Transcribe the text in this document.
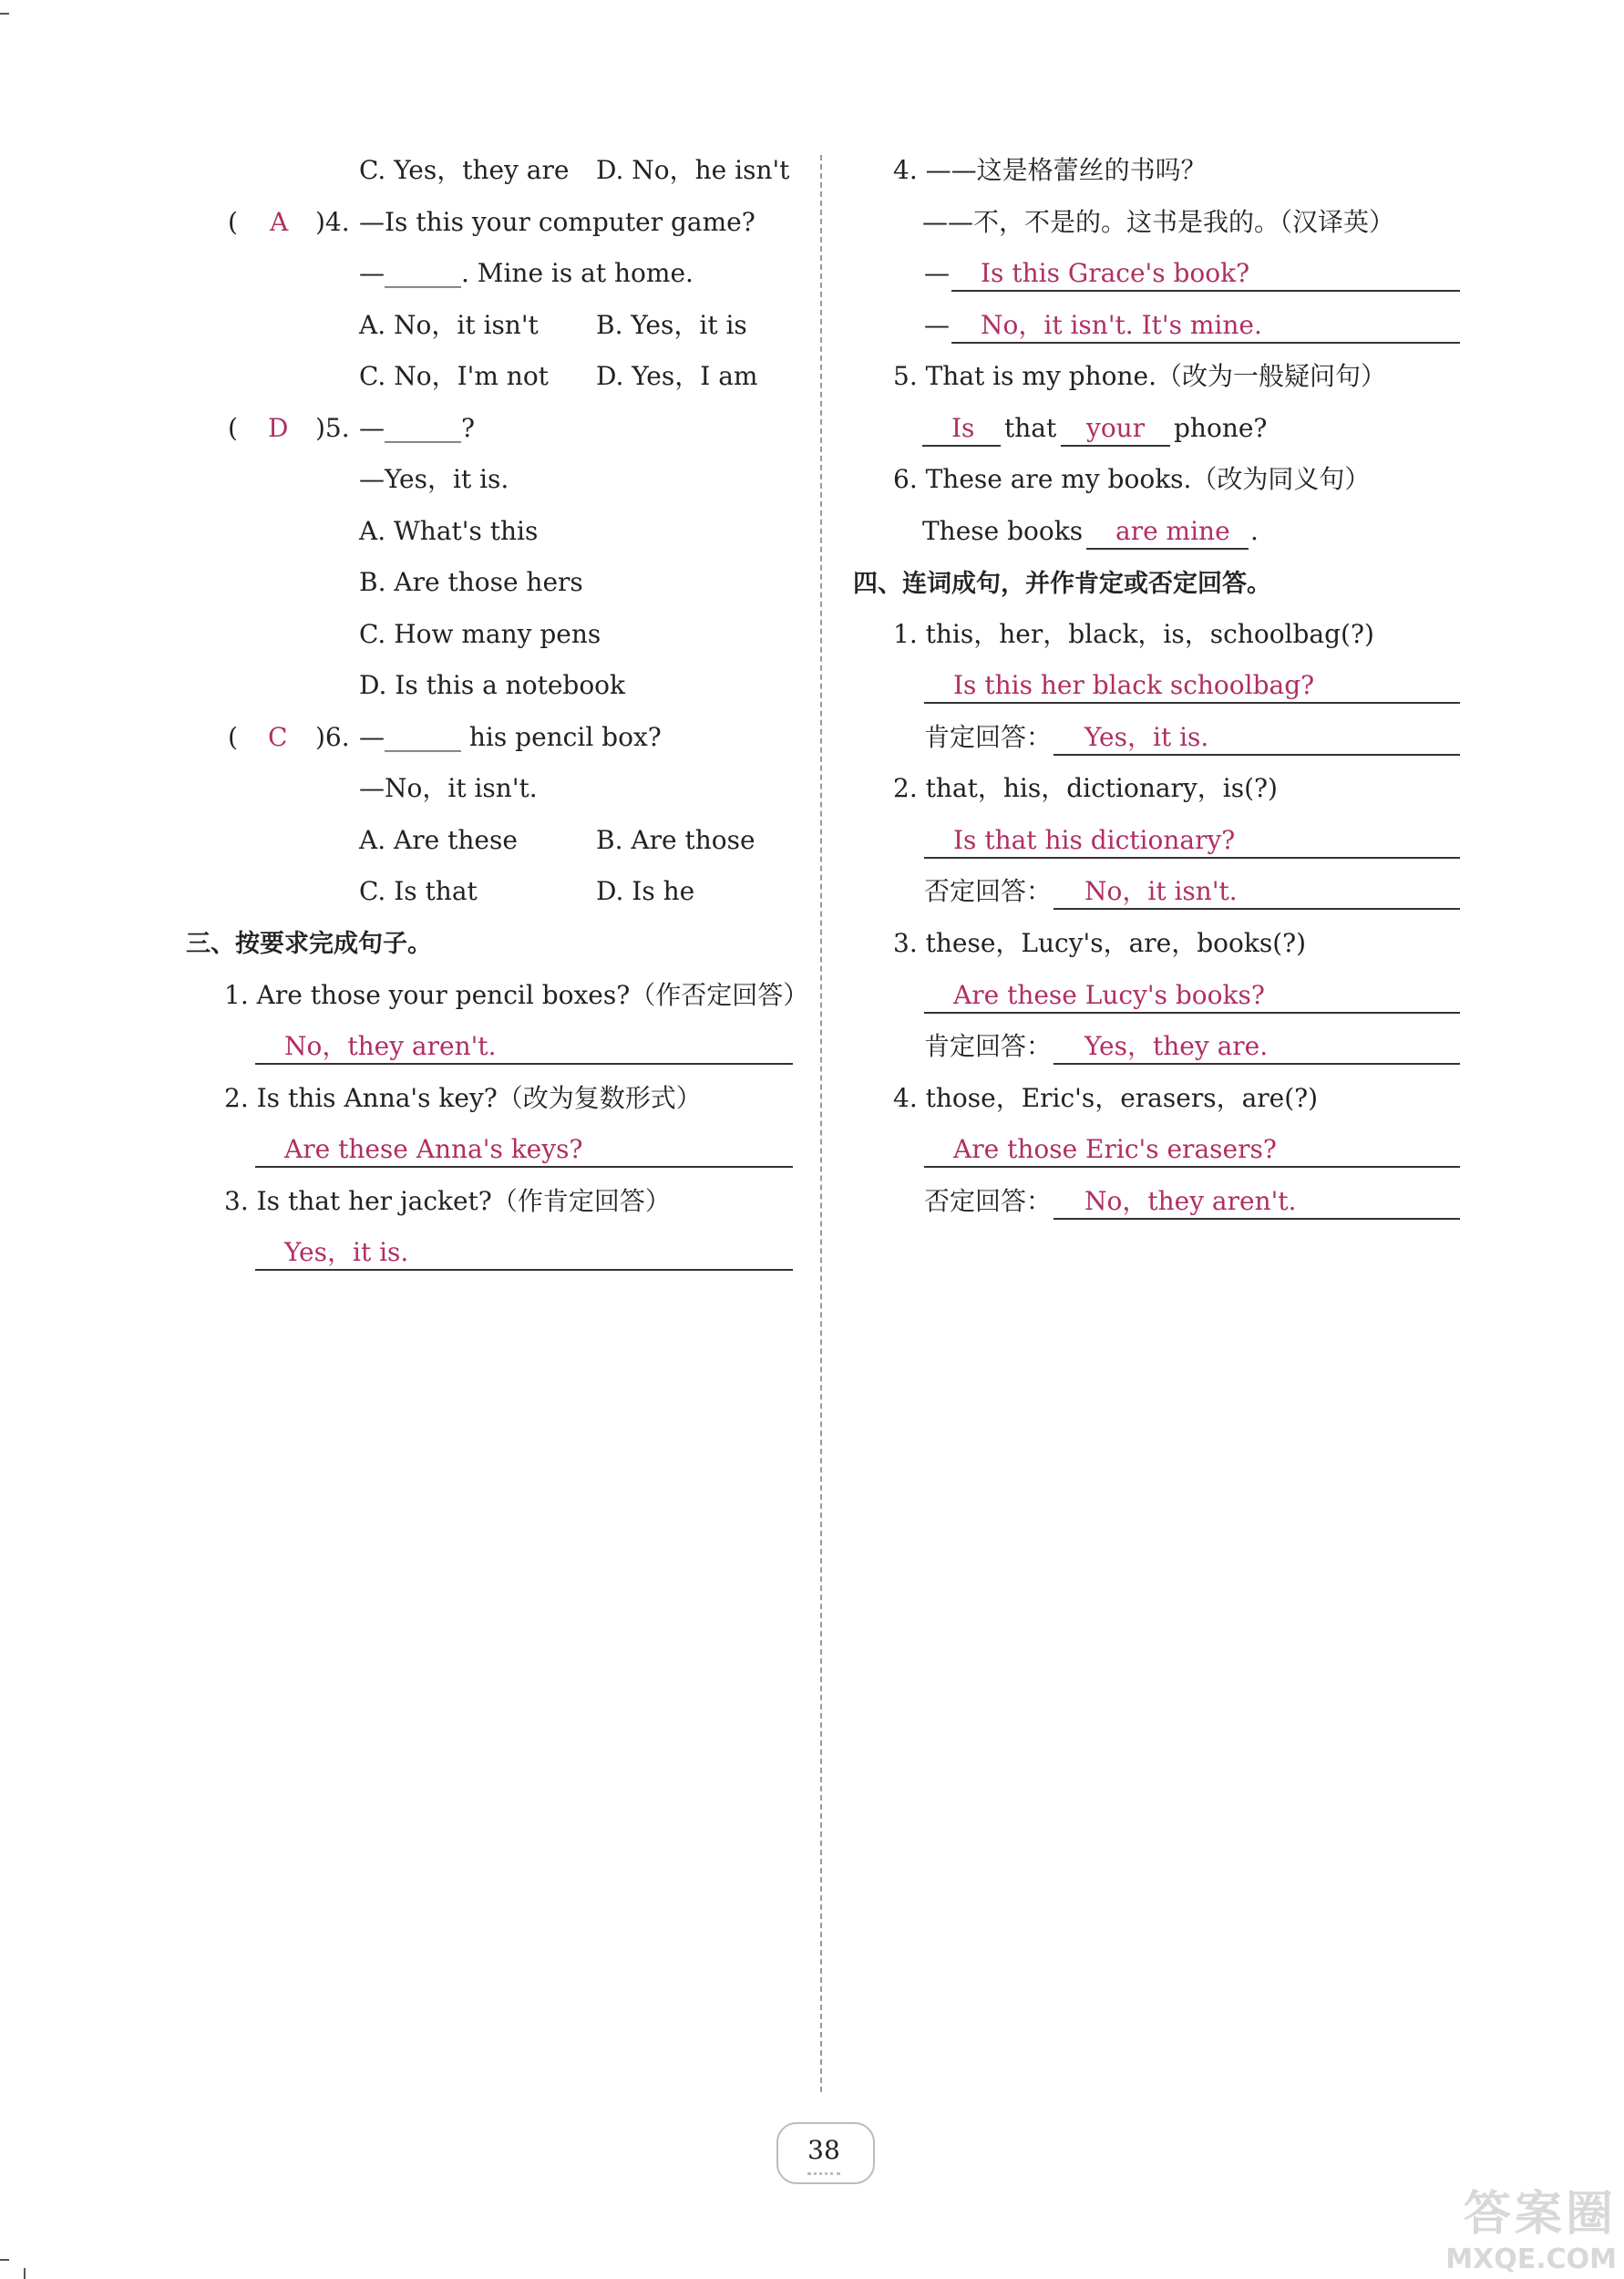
C. Yes，they are D. No，he isn't
( A )4. —Is this your computer game?
—______. Mine is at home.
A. No，it isn't B. Yes，it is
C. No，I'm not D. Yes，I am
( D )5. —______?
—Yes，it is.
A. What's this
B. Are those hers
C. How many pens
D. Is this a notebook
( C )6. —______ his pencil box?
—No，it isn't.
A. Are these	B. Are those
C. Is that	D. Is he
三、按要求完成句子。
1. Are those your pencil boxes?（作否定回答）
No，they aren't.
2. Is this Anna's key?（改为复数形式）
Are these Anna's keys?
3. Is that her jacket?（作肯定回答）
Yes，it is.
4. ——这是格蕾丝的书吗？
——不，不是的。这书是我的。（汉译英）
— Is this Grace's book?
— No，it isn't. It's mine.
5. That is my phone.（改为一般疑问句）
Is that your phone?
6. These are my books.（改为同义句）
These books are mine .
四、连词成句，并作肯定或否定回答。
1. this，her，black，is，schoolbag(?)
Is this her black schoolbag?
肯定回答： Yes，it is.
2. that，his，dictionary，is(?)
Is that his dictionary?
否定回答： No，it isn't.
3. these，Lucy's，are，books(?)
Are these Lucy's books?
肯定回答： Yes，they are.
4. those，Eric's，erasers，are(?)
Are those Eric's erasers?
否定回答： No，they aren't.
38
答案圈
MXQE.COM
